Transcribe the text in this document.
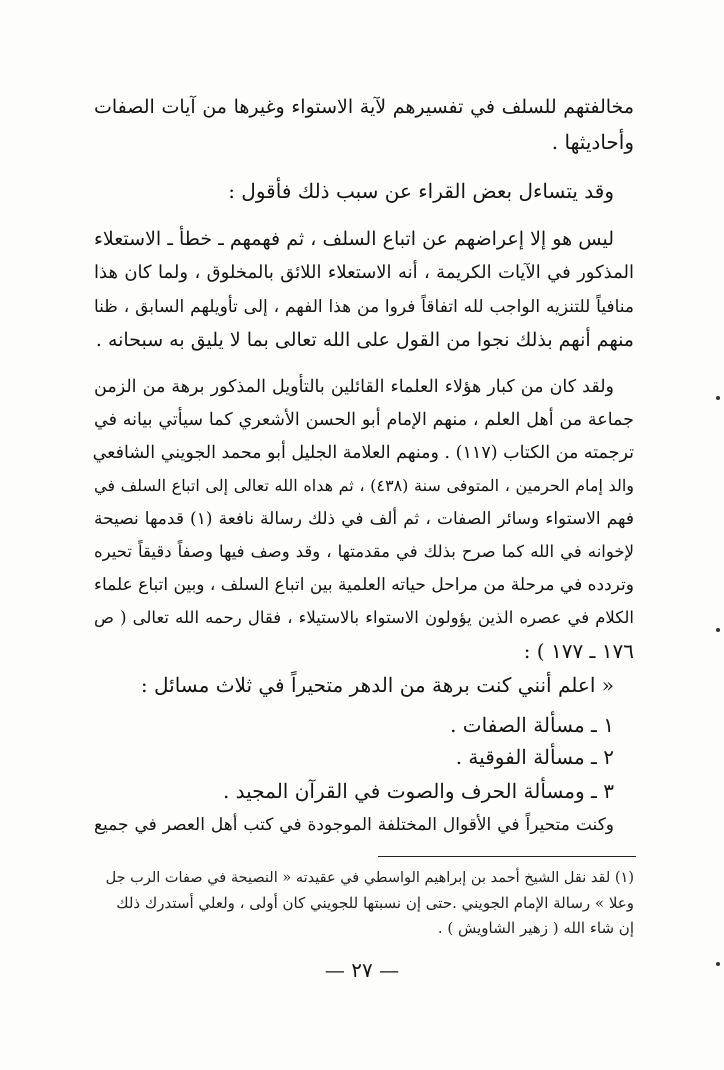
مخالفتهم للسلف في تفسيرهم لآية الاستواء وغيرها من آيات الصفات
وأحاديثها .
وقد يتساءل بعض القراء عن سبب ذلك فأقول :
ليس هو إلا إعراضهم عن اتباع السلف ، ثم فهمهم ـ خطأ ـ الاستعلاء
المذكور في الآيات الكريمة ، أنه الاستعلاء اللائق بالمخلوق ، ولما كان هذا
منافياً للتنزيه الواجب لله اتفاقاً فروا من هذا الفهم ، إلى تأويلهم السابق ، ظنا
منهم أنهم بذلك نجوا من القول على الله تعالى بما لا يليق به سبحانه .
ولقد كان من كبار هؤلاء العلماء القائلين بالتأويل المذكور برهة من الزمن
جماعة من أهل العلم ، منهم الإمام أبو الحسن الأشعري كما سيأتي بيانه في
ترجمته من الكتاب (١١٧) . ومنهم العلامة الجليل أبو محمد الجويني الشافعي
والد إمام الحرمين ، المتوفى سنة (٤٣٨) ، ثم هداه الله تعالى إلى اتباع السلف في
فهم الاستواء وسائر الصفات ، ثم ألف في ذلك رسالة نافعة (١) قدمها نصيحة
لإخوانه في الله كما صرح بذلك في مقدمتها ، وقد وصف فيها وصفاً دقيقاً تحيره
وتردده في مرحلة من مراحل حياته العلمية بين اتباع السلف ، وبين اتباع علماء
الكلام في عصره الذين يؤولون الاستواء بالاستيلاء ، فقال رحمه الله تعالى ( ص
١٧٦ ـ ١٧٧ ) :
« اعلم أنني كنت برهة من الدهر متحيراً في ثلاث مسائل :
١ ـ مسألة الصفات .
٢ ـ مسألة الفوقية .
٣ ـ ومسألة الحرف والصوت في القرآن المجيد .
وكنت متحيراً في الأقوال المختلفة الموجودة في كتب أهل العصر في جميع
(١) لقد نقل الشيخ أحمد بن إبراهيم الواسطي في عقيدته « النصيحة في صفات الرب جل
وعلا » رسالة الإمام الجويني .حتى إن نسبتها للجويني كان أولى ، ولعلي أستدرك ذلك
إن شاء الله ( زهير الشاويش ) .
— ٢٧ —
